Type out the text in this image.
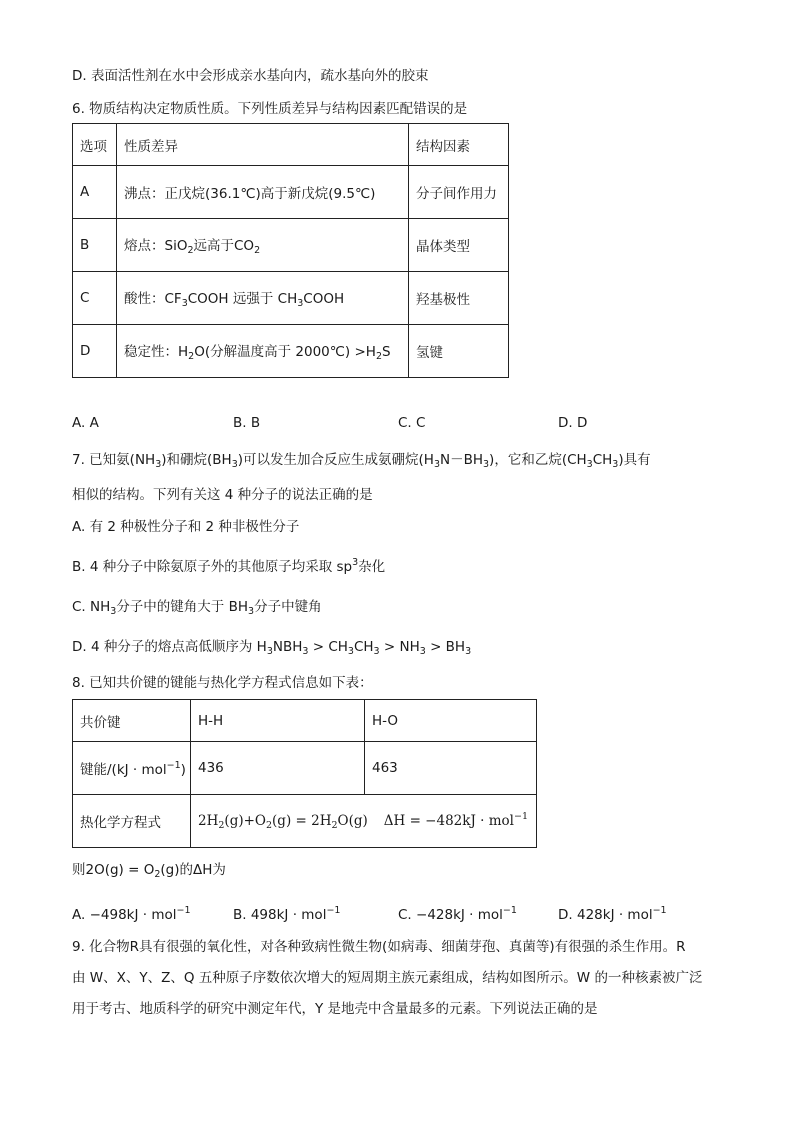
D. 表面活性剂在水中会形成亲水基向内，疏水基向外的胶束
6. 物质结构决定物质性质。下列性质差异与结构因素匹配错误的是
选项	性质差异	结构因素
A	沸点：正戊烷(36.1℃)高于新戊烷(9.5℃)	分子间作用力
B	熔点：SiO$_2$远高于$CO_2$	晶体类型
C	酸性：$CF_3COOH$ 远强于 $CH_3COOH$	羟基极性
D	稳定性：$H_2O$(分解温度高于 2000℃) $>H_2S$	氢键
A. A	B. B	C. C	D. D
7. 已知氨$(NH_3)$和硼烷$(BH_3)$可以发生加合反应生成氨硼烷$(H_3N-BH_3)$，它和乙烷$(CH_3CH_3)$具有
相似的结构。下列有关这 4 种分子的说法正确的是
A. 有 2 种极性分子和 2 种非极性分子
B. 4 种分子中除氨原子外的其他原子均采取 $sp^3$杂化
C. $NH_3$分子中的键角大于 $BH_3$分子中键角
D. 4 种分子的熔点高低顺序为 $H_3NBH_3 > CH_3CH_3 > NH_3 > BH_3$
8. 已知共价键的键能与热化学方程式信息如下表：
共价键	H-H	H-O
键能/(kJ · mol$^{-1}$)	436	463
热化学方程式	$2H_2(g)+O_2(g) = 2H_2O(g) \Delta H = -482kJ \cdot mol^{-1}$
则$2O(g) = O_2(g)$的ΔH为
A. −498kJ · mol$^{-1}$	B. 498kJ · mol$^{-1}$	C. −428kJ · mol$^{-1}$	D. 428kJ · mol$^{-1}$
9. 化合物R具有很强的氧化性，对各种致病性微生物(如病毒、细菌芽孢、真菌等)有很强的杀生作用。R
由 W、X、Y、Z、Q 五种原子序数依次增大的短周期主族元素组成，结构如图所示。W 的一种核素被广泛
用于考古、地质科学的研究中测定年代，Y 是地壳中含量最多的元素。下列说法正确的是
